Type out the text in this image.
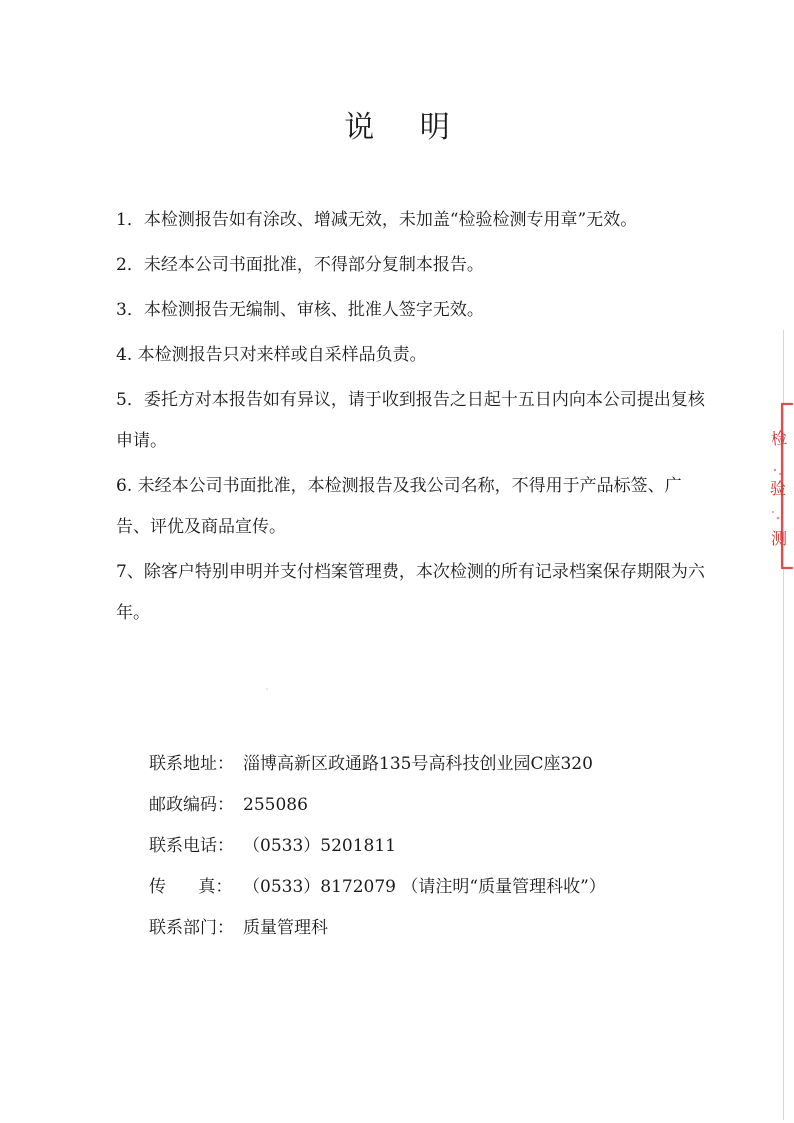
说 明

1．本检测报告如有涂改、增减无效，未加盖“检验检测专用章”无效。

2．未经本公司书面批准，不得部分复制本报告。

3．本检测报告无编制、审核、批准人签字无效。

4. 本检测报告只对来样或自采样品负责。

5．委托方对本报告如有异议，请于收到报告之日起十五日内向本公司提出复核申请。

6. 未经本公司书面批准，本检测报告及我公司名称，不得用于产品标签、广告、评优及商品宣传。

7、除客户特别申明并支付档案管理费，本次检测的所有记录档案保存期限为六年。

联系地址： 淄博高新区政通路135号高科技创业园C座320
邮政编码： 255086
联系电话： （0533）5201811
传      真： （0533）8172079 （请注明“质量管理科收”）
联系部门： 质量管理科
检
验
测
